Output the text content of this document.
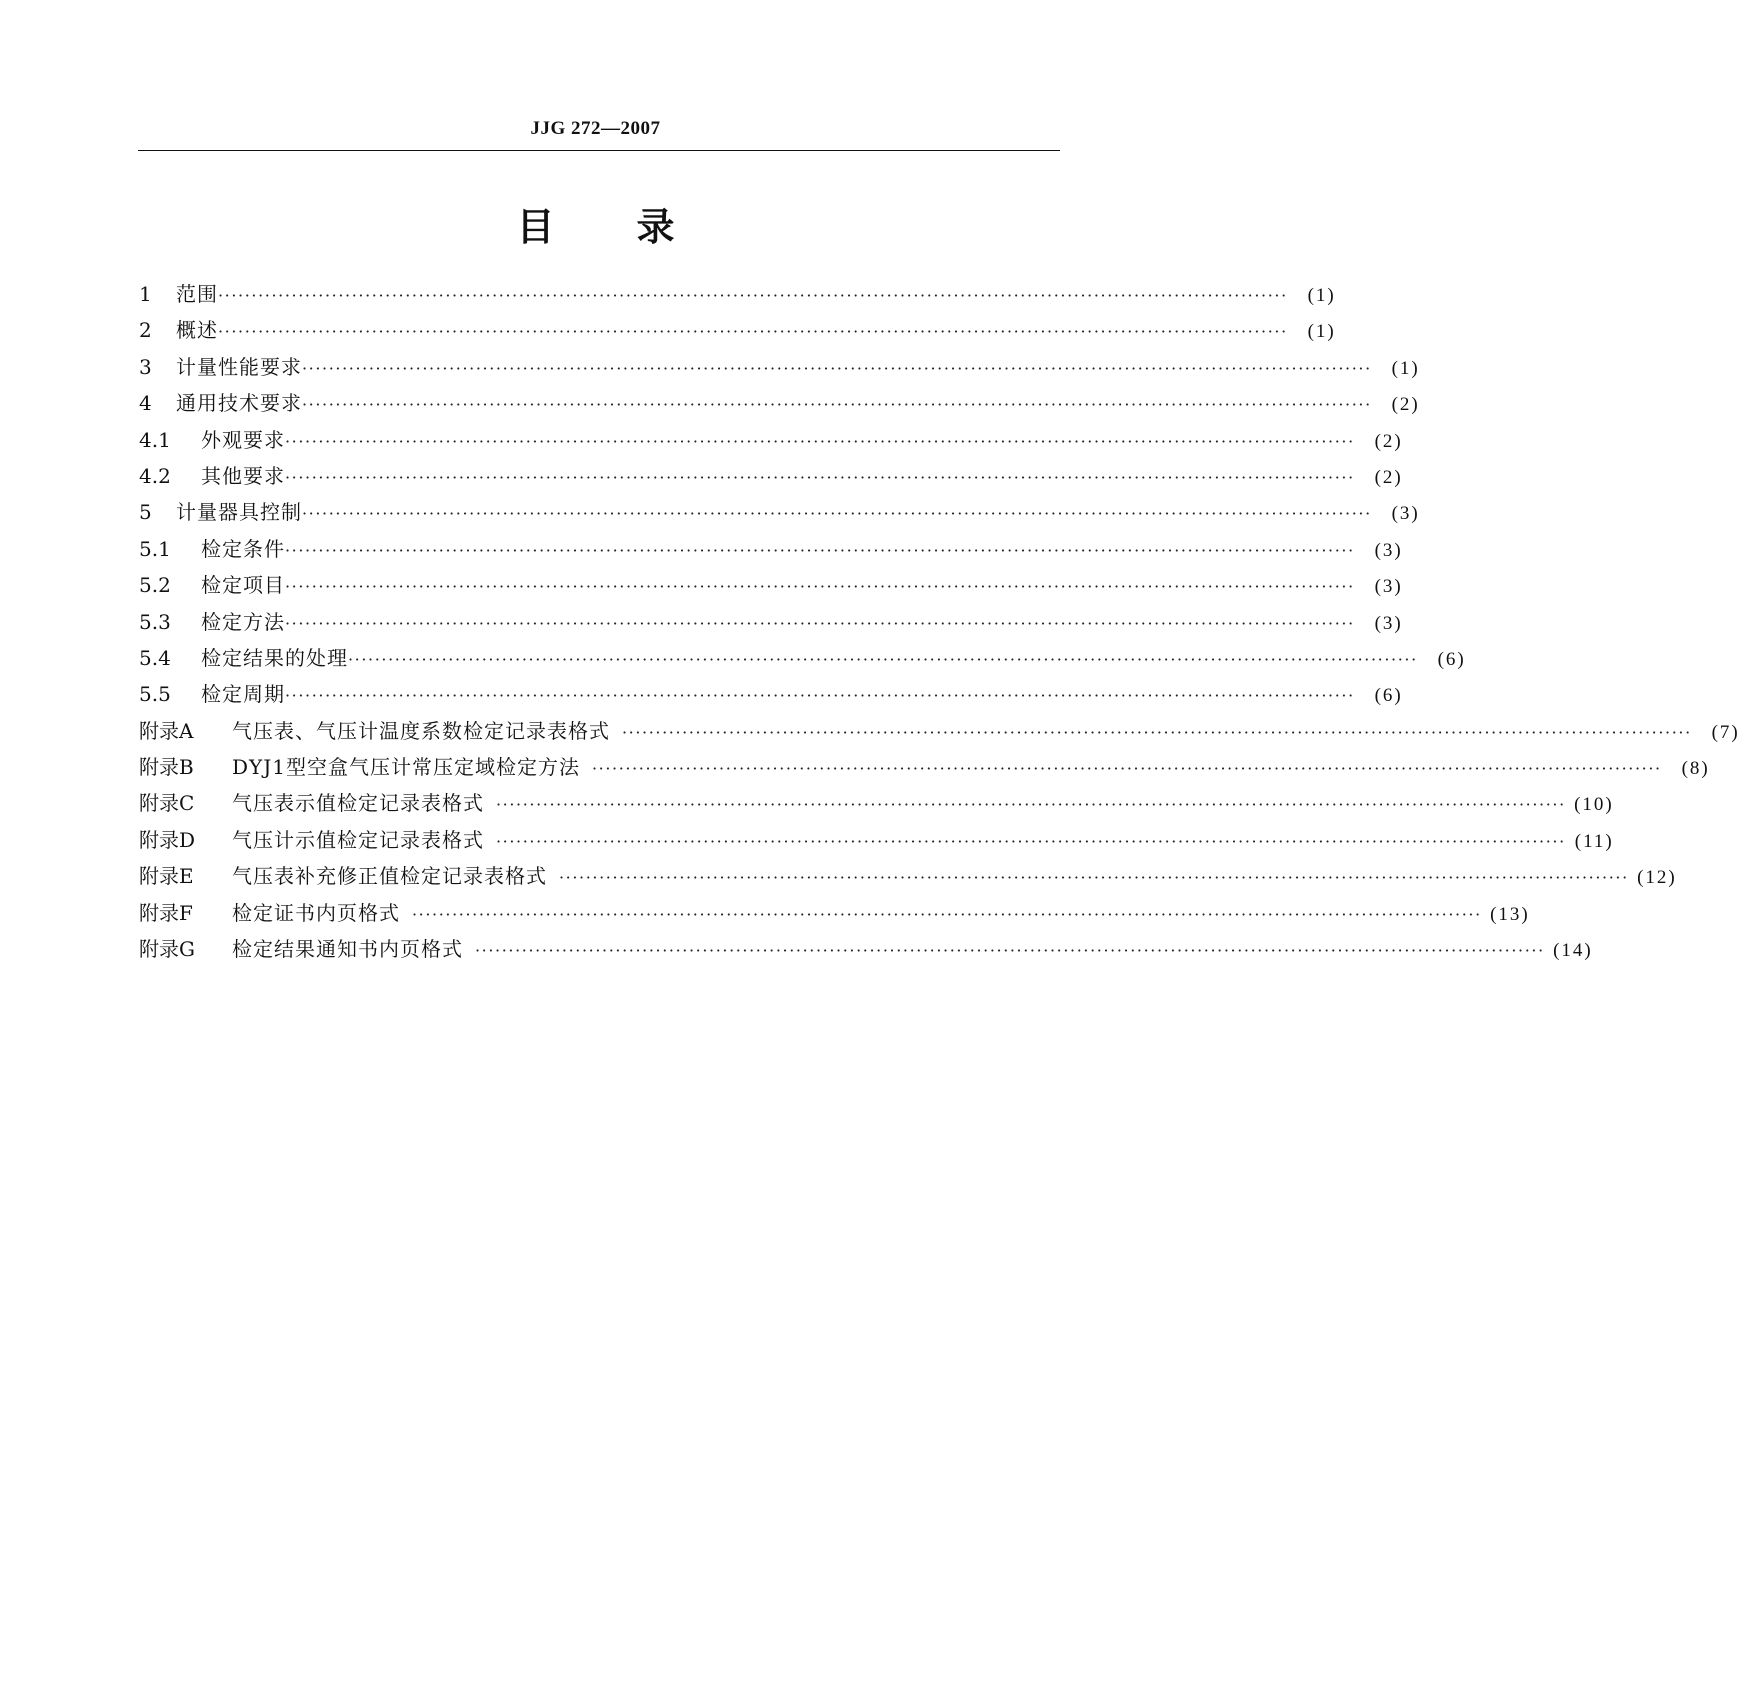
JJG 272—2007
目录
1	范围 ································································································································································	(1)
2	概述 ································································································································································	(1)
3	计量性能要求 ································································································································································	(1)
4	通用技术要求 ································································································································································	(2)
4.1	外观要求 ································································································································································	(2)
4.2	其他要求 ································································································································································	(2)
5	计量器具控制 ································································································································································	(3)
5.1	检定条件 ································································································································································	(3)
5.2	检定项目 ································································································································································	(3)
5.3	检定方法 ································································································································································	(3)
5.4	检定结果的处理 ································································································································································	(6)
5.5	检定周期 ································································································································································	(6)
附录A	气压表、气压计温度系数检定记录表格式 ································································································································································	(7)
附录B	DYJ1型空盒气压计常压定域检定方法 ································································································································································	(8)
附录C	气压表示值检定记录表格式 ································································································································································ (10)
附录D	气压计示值检定记录表格式 ································································································································································ (11)
附录E	气压表补充修正值检定记录表格式 ································································································································································ (12)
附录F	检定证书内页格式 ································································································································································ (13)
附录G	检定结果通知书内页格式 ································································································································································ (14)
